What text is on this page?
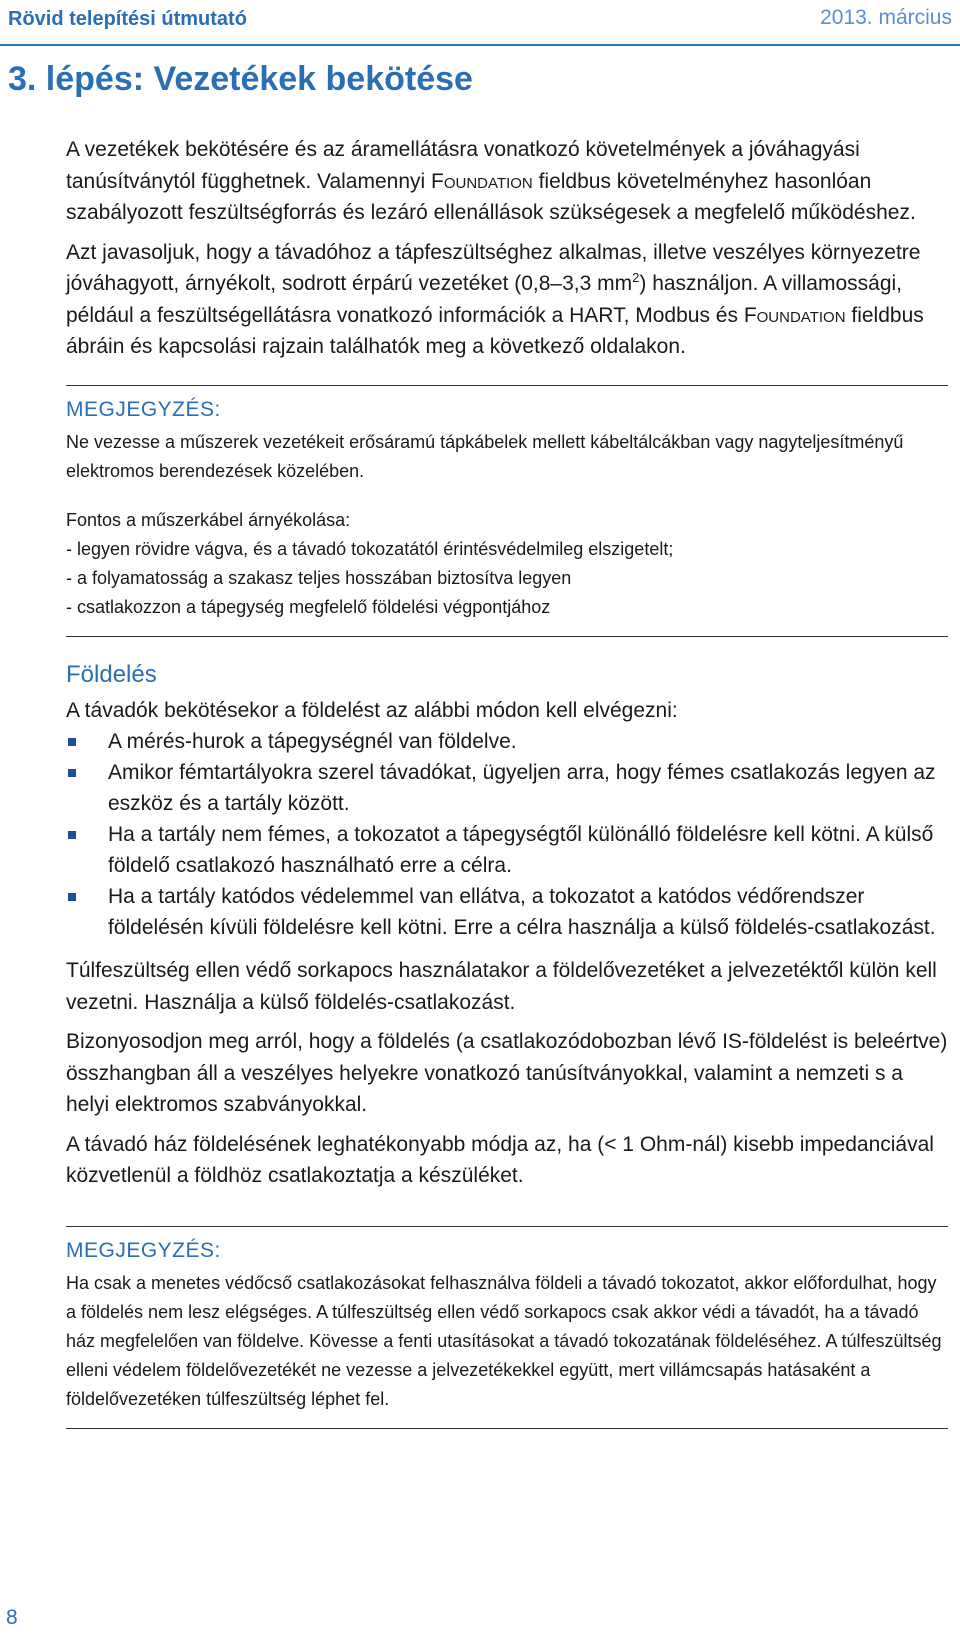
Rövid telepítési útmutató	2013. március
3. lépés: Vezetékek bekötése

A vezetékek bekötésére és az áramellátásra vonatkozó követelmények a jóváhagyási tanúsítványtól függhetnek. Valamennyi Foundation fieldbus követelményhez hasonlóan szabályozott feszültségforrás és lezáró ellenállások szükségesek a megfelelő működéshez.

Azt javasoljuk, hogy a távadóhoz a tápfeszültséghez alkalmas, illetve veszélyes környezetre jóváhagyott, árnyékolt, sodrott érpárú vezetéket (0,8–3,3 $mm^2$) használjon. A villamossági, például a feszültségellátásra vonatkozó információk a HART, Modbus és Foundation fieldbus ábráin és kapcsolási rajzain találhatók meg a következő oldalakon.

MEGJEGYZÉS:

Ne vezesse a műszerek vezetékeit erősáramú tápkábelek mellett kábeltálcákban vagy nagyteljesítményű elektromos berendezések közelében.

Fontos a műszerkábel árnyékolása:

- legyen rövidre vágva, és a távadó tokozatától érintésvédelmileg elszigetelt;

- a folyamatosság a szakasz teljes hosszában biztosítva legyen

- csatlakozzon a tápegység megfelelő földelési végpontjához

Földelés

A távadók bekötésekor a földelést az alábbi módon kell elvégezni:

A mérés-hurok a tápegységnél van földelve.
Amikor fémtartályokra szerel távadókat, ügyeljen arra, hogy fémes csatlakozás legyen az eszköz és a tartály között.
Ha a tartály nem fémes, a tokozatot a tápegységtől különálló földelésre kell kötni. A külső földelő csatlakozó használható erre a célra.
Ha a tartály katódos védelemmel van ellátva, a tokozatot a katódos védőrendszer földelésén kívüli földelésre kell kötni. Erre a célra használja a külső földelés-csatlakozást.

Túlfeszültség ellen védő sorkapocs használatakor a földelővezetéket a jelvezetéktől külön kell vezetni. Használja a külső földelés-csatlakozást.

Bizonyosodjon meg arról, hogy a földelés (a csatlakozódobozban lévő IS-földelést is beleértve) összhangban áll a veszélyes helyekre vonatkozó tanúsítványokkal, valamint a nemzeti s a helyi elektromos szabványokkal.

A távadó ház földelésének leghatékonyabb módja az, ha (< 1 Ohm-nál) kisebb impedanciával közvetlenül a földhöz csatlakoztatja a készüléket.

MEGJEGYZÉS:

Ha csak a menetes védőcső csatlakozásokat felhasználva földeli a távadó tokozatot, akkor előfordulhat, hogy a földelés nem lesz elégséges. A túlfeszültség ellen védő sorkapocs csak akkor védi a távadót, ha a távadó ház megfelelően van földelve. Kövesse a fenti utasításokat a távadó tokozatának földeléséhez. A túlfeszültség elleni védelem földelővezetékét ne vezesse a jelvezetékekkel együtt, mert villámcsapás hatásaként a földelővezetéken túlfeszültség léphet fel.

8
